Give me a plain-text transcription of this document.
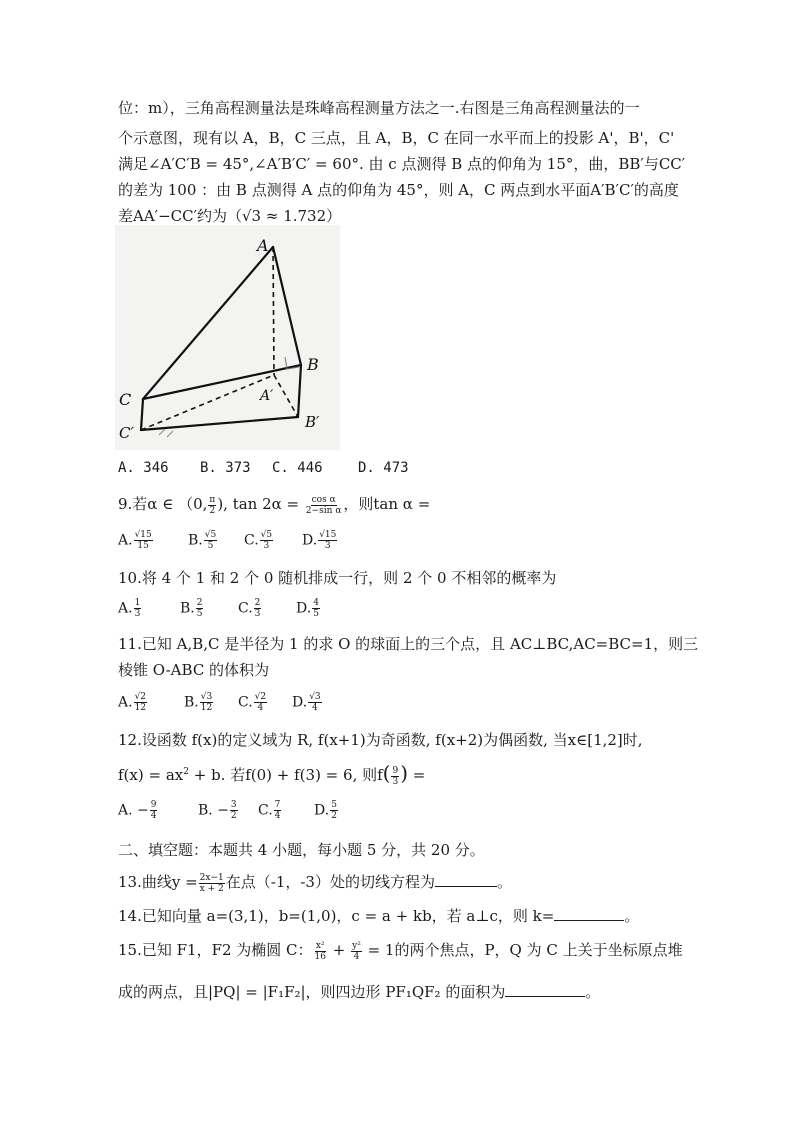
位：m），三角高程测量法是珠峰高程测量方法之一.右图是三角高程测量法的一
个示意图，现有以 A，B，C 三点，且 A，B，C 在同一水平而上的投影 A'，B'，C'
满足∠A′C′B = 45°,∠A′B′C′ = 60°. 由 c 点测得 B 点的仰角为 15°，曲，BB′与CC′
的差为 100 ：由 B 点测得 A 点的仰角为 45°，则 A，C 两点到水平面A′B′C′的高度
差AA′−CC′约为（√3 ≈ 1.732）
A
B
C	A′
B′
C′
A. 346 B. 373 C. 446	D. 473
9.若α ∈ （0, $\frac{\pi}{2}$ ), $\tan 2\alpha = \frac{\text{cos α}}{\text{2−sin α}}$ ，则tan α =
A. $\frac{√15}{15}$	B. $\frac{√5}{5} C$. $\frac{√5}{3} D$. $\frac{√15}{3}$
10.将 4 个 1 和 2 个 0 随机排成一行，则 2 个 0 不相邻的概率为
A. $\frac{1}{3}$	B. $\frac{2}{5} C$. $\frac{2}{3} D$. $\frac{4}{5}$
11.已知 A,B,C 是半径为 1 的求 O 的球面上的三个点，且 AC⊥BC,AC=BC=1，则三
棱锥 O-ABC 的体积为
A. $\frac{√2}{12}$	B. $\frac{√3}{12} C$. $\frac{√2}{4} D$. $\frac{√3}{4}$
12.设函数 f(x)的定义域为 R, f(x+1)为奇函数, f(x+2)为偶函数, 当x∈[1,2]时,
$f(x) = ax^2 + b$. 若f(0) + f(3) = 6, 则$f( \frac{9}{3}$ ) =
A. − $\frac{9}{4}$	B. − $\frac{3}{2} C$. $\frac{7}{4} D$. $\frac{5}{2}$
二、填空题：本题共 4 小题，每小题 5 分，共 20 分。
13.曲线$y = \frac{2x-1}{x + 2}$ 在点（-1，-3）处的切线方程为	。
14.已知向量 a=(3,1)，b=(1,0)，c = a + kb，若 a⊥c，则 k=	。
15.已知 F1，F2 为椭圆 C： $\frac{\text{x²}}{16} + \frac{\text{y²}}{4} = 1$的两个焦点，P，Q 为 C 上关于坐标原点堆
成的两点，且|PQ| = |F₁F₂|，则四边形 PF₁QF₂ 的面积为	。
